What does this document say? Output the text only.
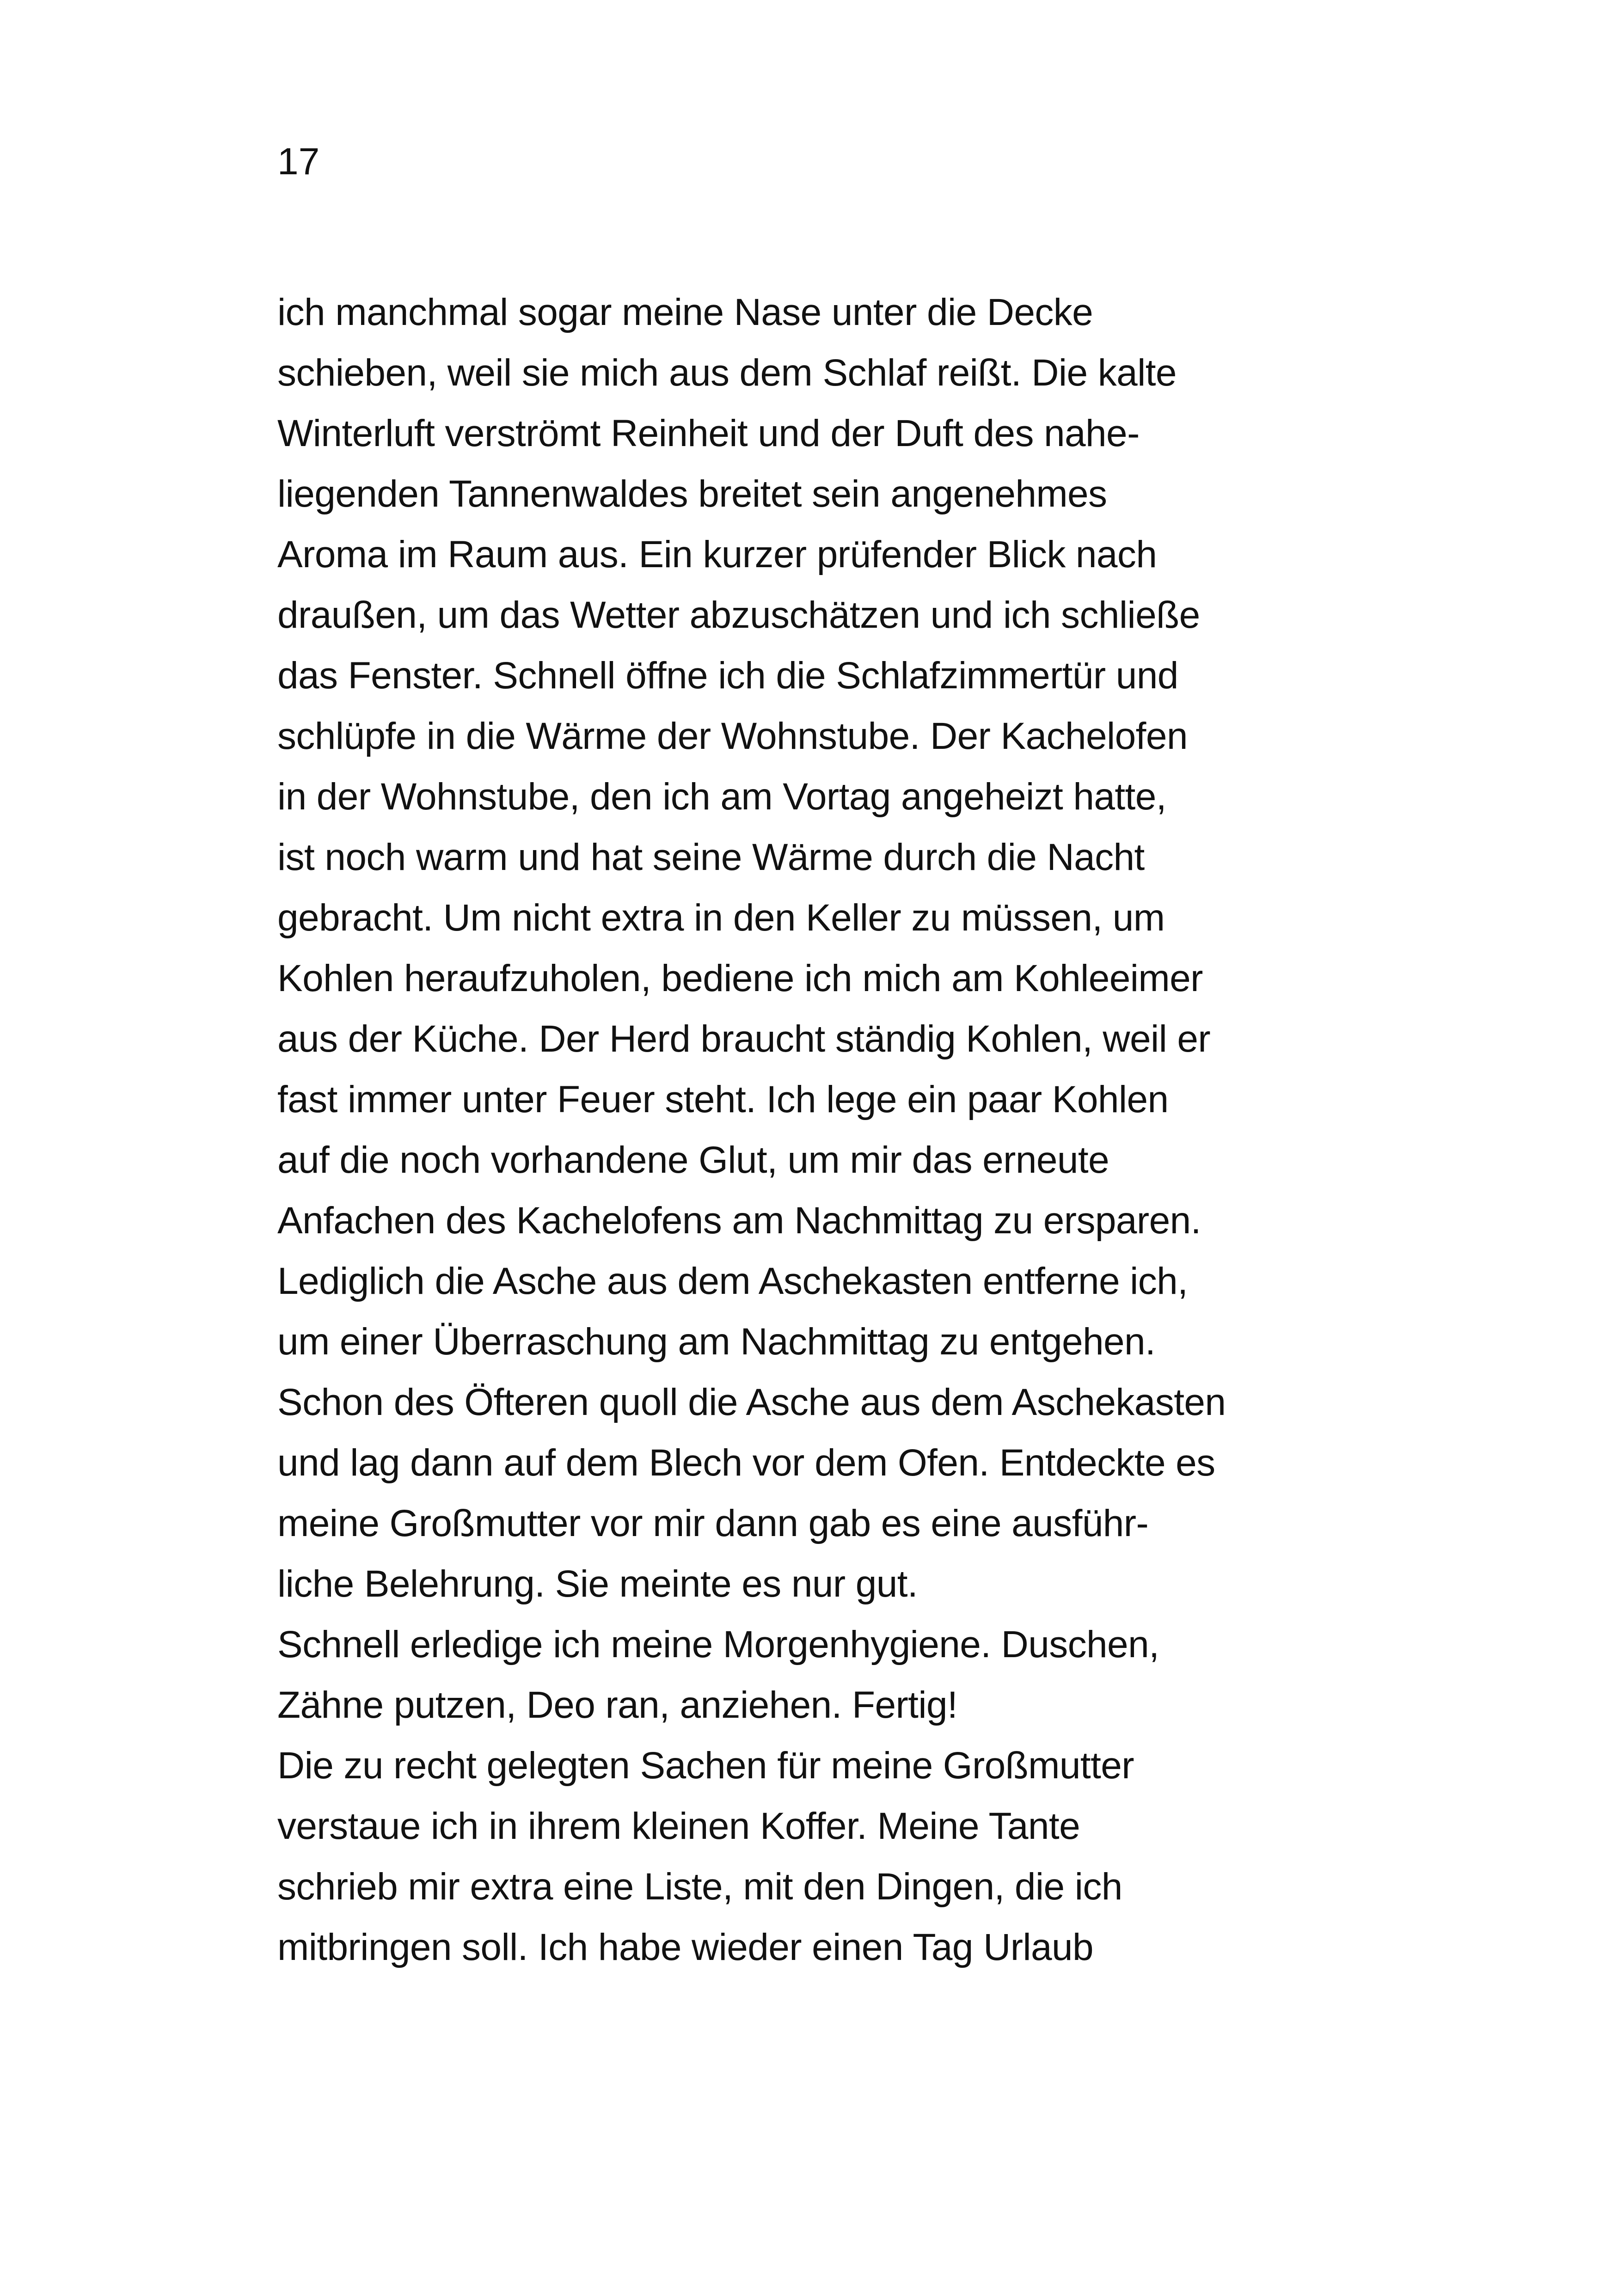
17

ich manchmal sogar meine Nase unter die Decke
schieben, weil sie mich aus dem Schlaf reißt. Die kalte
Winterluft verströmt Reinheit und der Duft des nahe-
liegenden Tannenwaldes breitet sein angenehmes
Aroma im Raum aus. Ein kurzer prüfender Blick nach
draußen, um das Wetter abzuschätzen und ich schließe
das Fenster. Schnell öffne ich die Schlafzimmertür und
schlüpfe in die Wärme der Wohnstube. Der Kachelofen
in der Wohnstube, den ich am Vortag angeheizt hatte,
ist noch warm und hat seine Wärme durch die Nacht
gebracht. Um nicht extra in den Keller zu müssen, um
Kohlen heraufzuholen, bediene ich mich am Kohleeimer
aus der Küche. Der Herd braucht ständig Kohlen, weil er
fast immer unter Feuer steht. Ich lege ein paar Kohlen
auf die noch vorhandene Glut, um mir das erneute
Anfachen des Kachelofens am Nachmittag zu ersparen.
Lediglich die Asche aus dem Aschekasten entferne ich,
um einer Überraschung am Nachmittag zu entgehen.
Schon des Öfteren quoll die Asche aus dem Aschekasten
und lag dann auf dem Blech vor dem Ofen. Entdeckte es
meine Großmutter vor mir dann gab es eine ausführ-
liche Belehrung. Sie meinte es nur gut.
Schnell erledige ich meine Morgenhygiene. Duschen,
Zähne putzen, Deo ran, anziehen. Fertig!
Die zu recht gelegten Sachen für meine Großmutter
verstaue ich in ihrem kleinen Koffer. Meine Tante
schrieb mir extra eine Liste, mit den Dingen, die ich
mitbringen soll. Ich habe wieder einen Tag Urlaub
